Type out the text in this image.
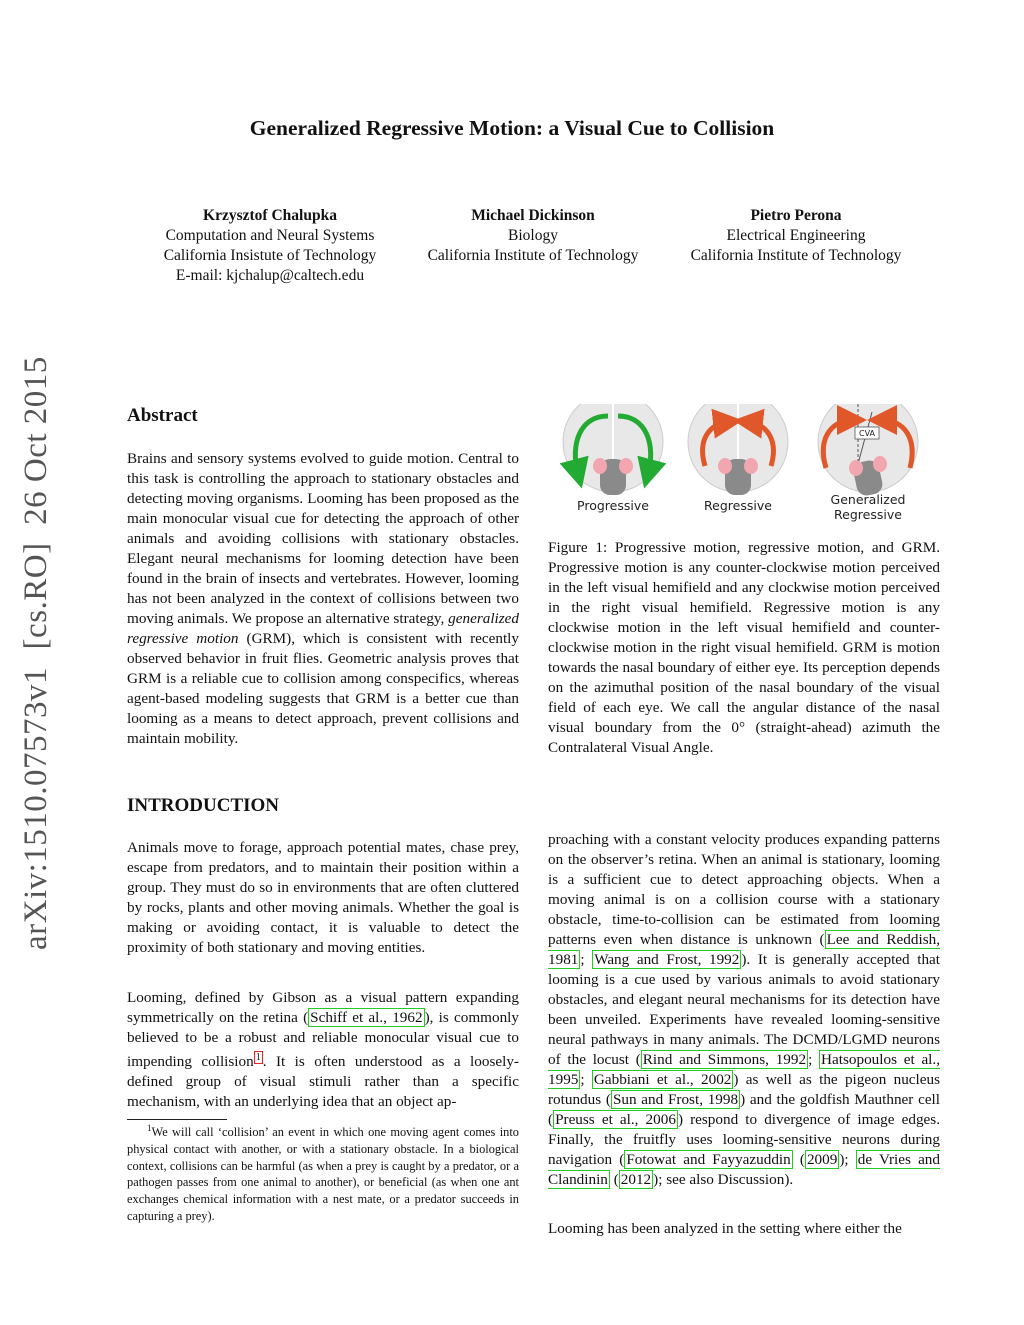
arXiv:1510.07573v1  [cs.RO]  26 Oct 2015
Generalized Regressive Motion: a Visual Cue to Collision
Krzysztof Chalupka
Computation and Neural Systems
California Insistute of Technology
E-mail: kjchalup@caltech.edu
Michael Dickinson
Biology
California Institute of Technology
Pietro Perona
Electrical Engineering
California Institute of Technology
Abstract

Brains and sensory systems evolved to guide motion. Central to this task is controlling the approach to stationary obstacles and detecting moving organisms. Looming has been proposed as the main monocular visual cue for detecting the approach of other animals and avoiding collisions with stationary obstacles. Elegant neural mechanisms for looming detection have been found in the brain of insects and vertebrates. However, looming has not been analyzed in the context of collisions between two moving animals. We propose an alternative strategy, generalized regressive motion (GRM), which is consistent with recently observed behavior in fruit flies. Geometric analysis proves that GRM is a reliable cue to collision among conspecifics, whereas agent-based modeling suggests that GRM is a better cue than looming as a means to detect approach, prevent collisions and maintain mobility.

INTRODUCTION

Animals move to forage, approach potential mates, chase prey, escape from predators, and to maintain their position within a group. They must do so in environments that are often cluttered by rocks, plants and other moving animals. Whether the goal is making or avoiding contact, it is valuable to detect the proximity of both stationary and moving entities.

Looming, defined by Gibson as a visual pattern expanding symmetrically on the retina ( Schiff et al., 1962 ), is commonly believed to be a robust and reliable monocular visual cue to impending collision $^1$ . It is often understood as a loosely-defined group of visual stimuli rather than a specific mechanism, with an underlying idea that an object ap-

$^1$We will call ‘collision’ an event in which one moving agent comes into physical contact with another, or with a stationary obstacle. In a biological context, collisions can be harmful (as when a prey is caught by a predator, or a pathogen passes from one animal to another), or beneficial (as when one ant exchanges chemical information with a nest mate, or a predator succeeds in capturing a prey).
Progressive	Regressive
CVA
Generalized
Regressive

Figure 1: Progressive motion, regressive motion, and GRM. Progressive motion is any counter-clockwise motion perceived in the left visual hemifield and any clockwise motion perceived in the right visual hemifield. Regressive motion is any clockwise motion in the left visual hemifield and counter-clockwise motion in the right visual hemifield. GRM is motion towards the nasal boundary of either eye. Its perception depends on the azimuthal position of the nasal boundary of the visual field of each eye. We call the angular distance of the nasal visual boundary from the 0° (straight-ahead) azimuth the Contralateral Visual Angle.

proaching with a constant velocity produces expanding patterns on the observer’s retina. When an animal is stationary, looming is a sufficient cue to detect approaching objects. When a moving animal is on a collision course with a stationary obstacle, time-to-collision can be estimated from looming patterns even when distance is unknown ( Lee and Reddish, 1981 ; Wang and Frost, 1992 ). It is generally accepted that looming is a cue used by various animals to avoid stationary obstacles, and elegant neural mechanisms for its detection have been unveiled. Experiments have revealed looming-sensitive neural pathways in many animals. The DCMD/LGMD neurons of the locust ( Rind and Simmons, 1992 ; Hatsopoulos et al., 1995 ; Gabbiani et al., 2002 ) as well as the pigeon nucleus rotundus ( Sun and Frost, 1998 ) and the goldfish Mauthner cell ( Preuss et al., 2006 ) respond to divergence of image edges. Finally, the fruitfly uses looming-sensitive neurons during navigation ( Fotowat and Fayyazuddin ( 2009 ); de Vries and Clandinin ( 2012 ); see also Discussion).

Looming has been analyzed in the setting where either the
